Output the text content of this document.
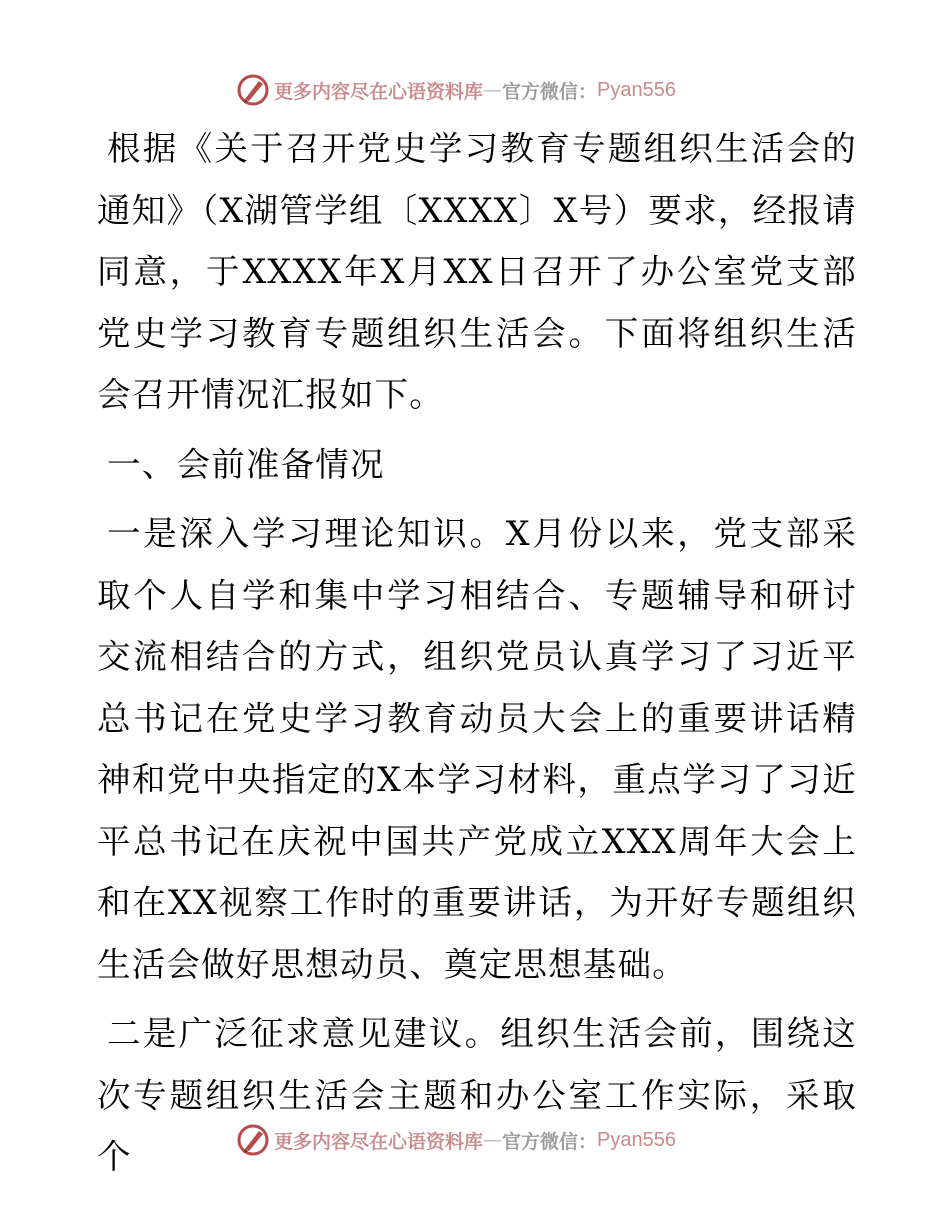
更多内容尽在心语资料库 — 官方微信： Pyan556

根据《关于召开党史学习教育专题组织生活会的通知》（X湖管学组〔XXXX〕X号）要求，经报请同意，于XXXX年X月XX日召开了办公室党支部党史学习教育专题组织生活会。下面将组织生活会召开情况汇报如下。

一、会前准备情况

一是深入学习理论知识。X月份以来，党支部采取个人自学和集中学习相结合、专题辅导和研讨交流相结合的方式，组织党员认真学习了习近平总书记在党史学习教育动员大会上的重要讲话精神和党中央指定的X本学习材料，重点学习了习近平总书记在庆祝中国共产党成立XXX周年大会上和在XX视察工作时的重要讲话，为开好专题组织生活会做好思想动员、奠定思想基础。

二是广泛征求意见建议。组织生活会前，围绕这次专题组织生活会主题和办公室工作实际，采取个	更多内容尽在心语资料库 — 官方微信： Pyan556
